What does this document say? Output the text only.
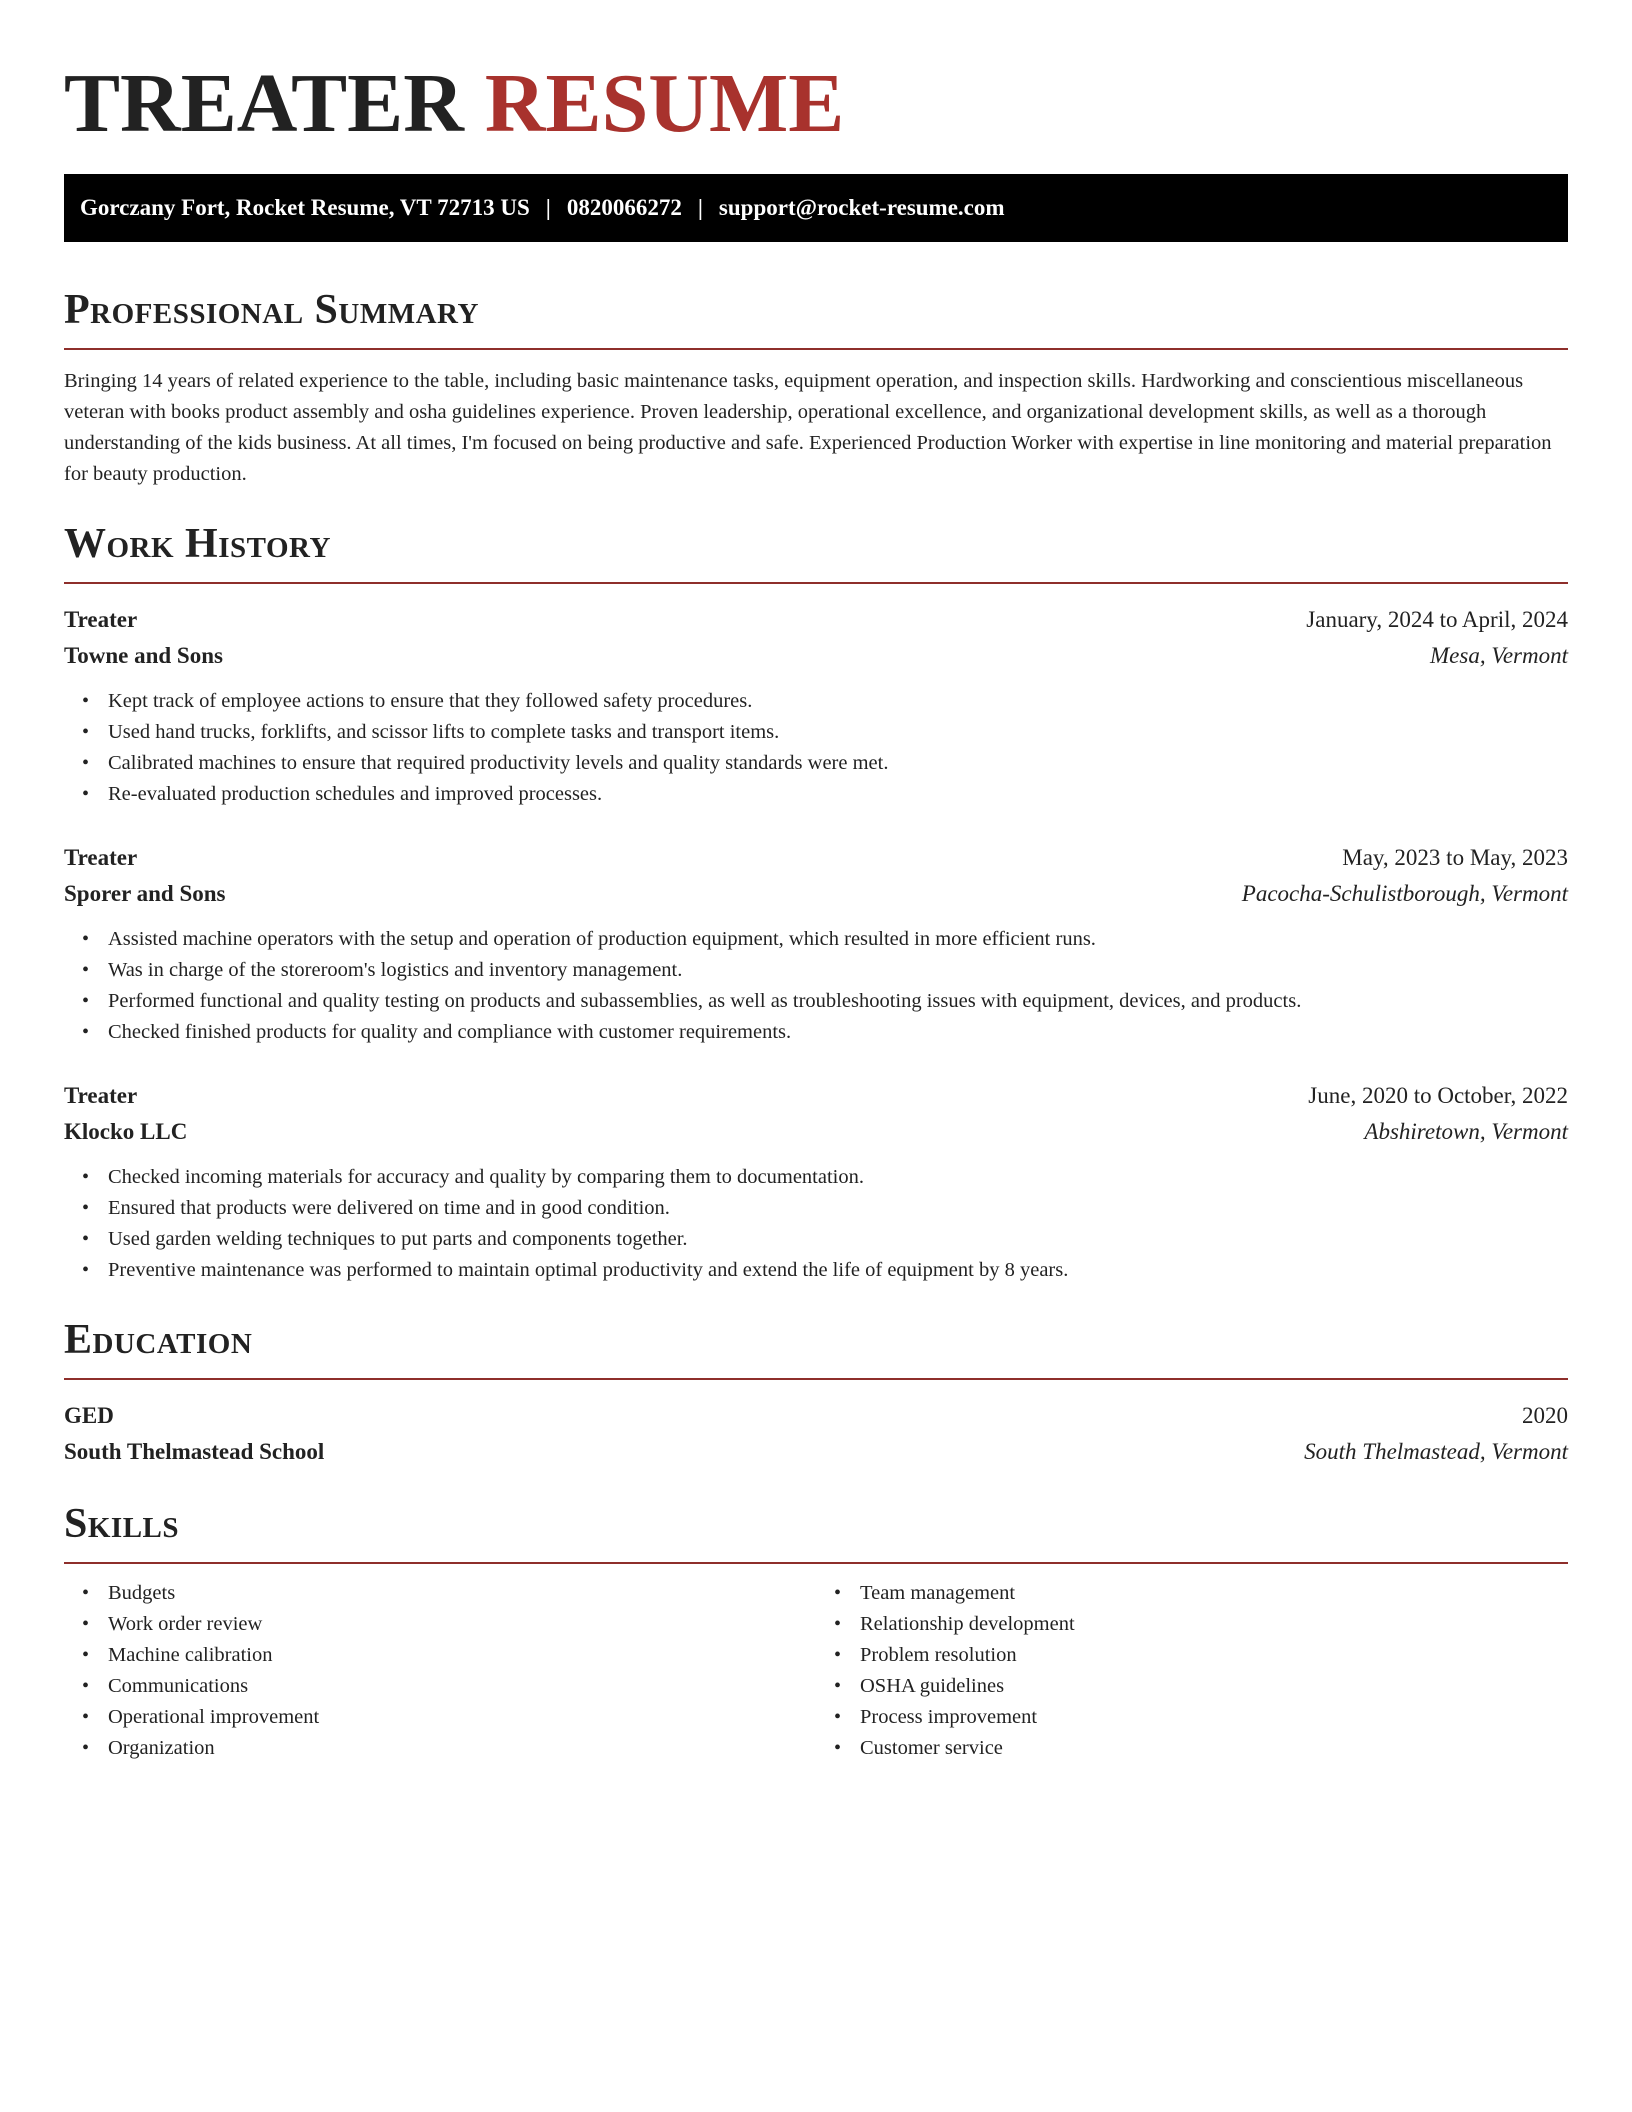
TREATER RESUME
Gorczany Fort, Rocket Resume, VT 72713 US | 0820066272 | support@rocket-resume.com
Professional Summary

Bringing 14 years of related experience to the table, including basic maintenance tasks, equipment operation, and inspection skills. Hardworking and conscientious miscellaneous veteran with books product assembly and osha guidelines experience. Proven leadership, operational excellence, and organizational development skills, as well as a thorough understanding of the kids business. At all times, I'm focused on being productive and safe. Experienced Production Worker with expertise in line monitoring and material preparation for beauty production.

Work History
Treater	January, 2024 to April, 2024
Towne and Sons	Mesa, Vermont
• Kept track of employee actions to ensure that they followed safety procedures.
• Used hand trucks, forklifts, and scissor lifts to complete tasks and transport items.
• Calibrated machines to ensure that required productivity levels and quality standards were met.
• Re-evaluated production schedules and improved processes.
Treater	May, 2023 to May, 2023
Sporer and Sons	Pacocha-Schulistborough, Vermont
• Assisted machine operators with the setup and operation of production equipment, which resulted in more efficient runs.
• Was in charge of the storeroom's logistics and inventory management.
• Performed functional and quality testing on products and subassemblies, as well as troubleshooting issues with equipment, devices, and products.
• Checked finished products for quality and compliance with customer requirements.
Treater	June, 2020 to October, 2022
Klocko LLC	Abshiretown, Vermont
• Checked incoming materials for accuracy and quality by comparing them to documentation.
• Ensured that products were delivered on time and in good condition.
• Used garden welding techniques to put parts and components together.
• Preventive maintenance was performed to maintain optimal productivity and extend the life of equipment by 8 years.
Education
GED	2020
South Thelmastead School	South Thelmastead, Vermont
Skills
• Budgets
• Work order review
• Machine calibration
• Communications
• Operational improvement
• Organization
• Team management
• Relationship development
• Problem resolution
• OSHA guidelines
• Process improvement
• Customer service
